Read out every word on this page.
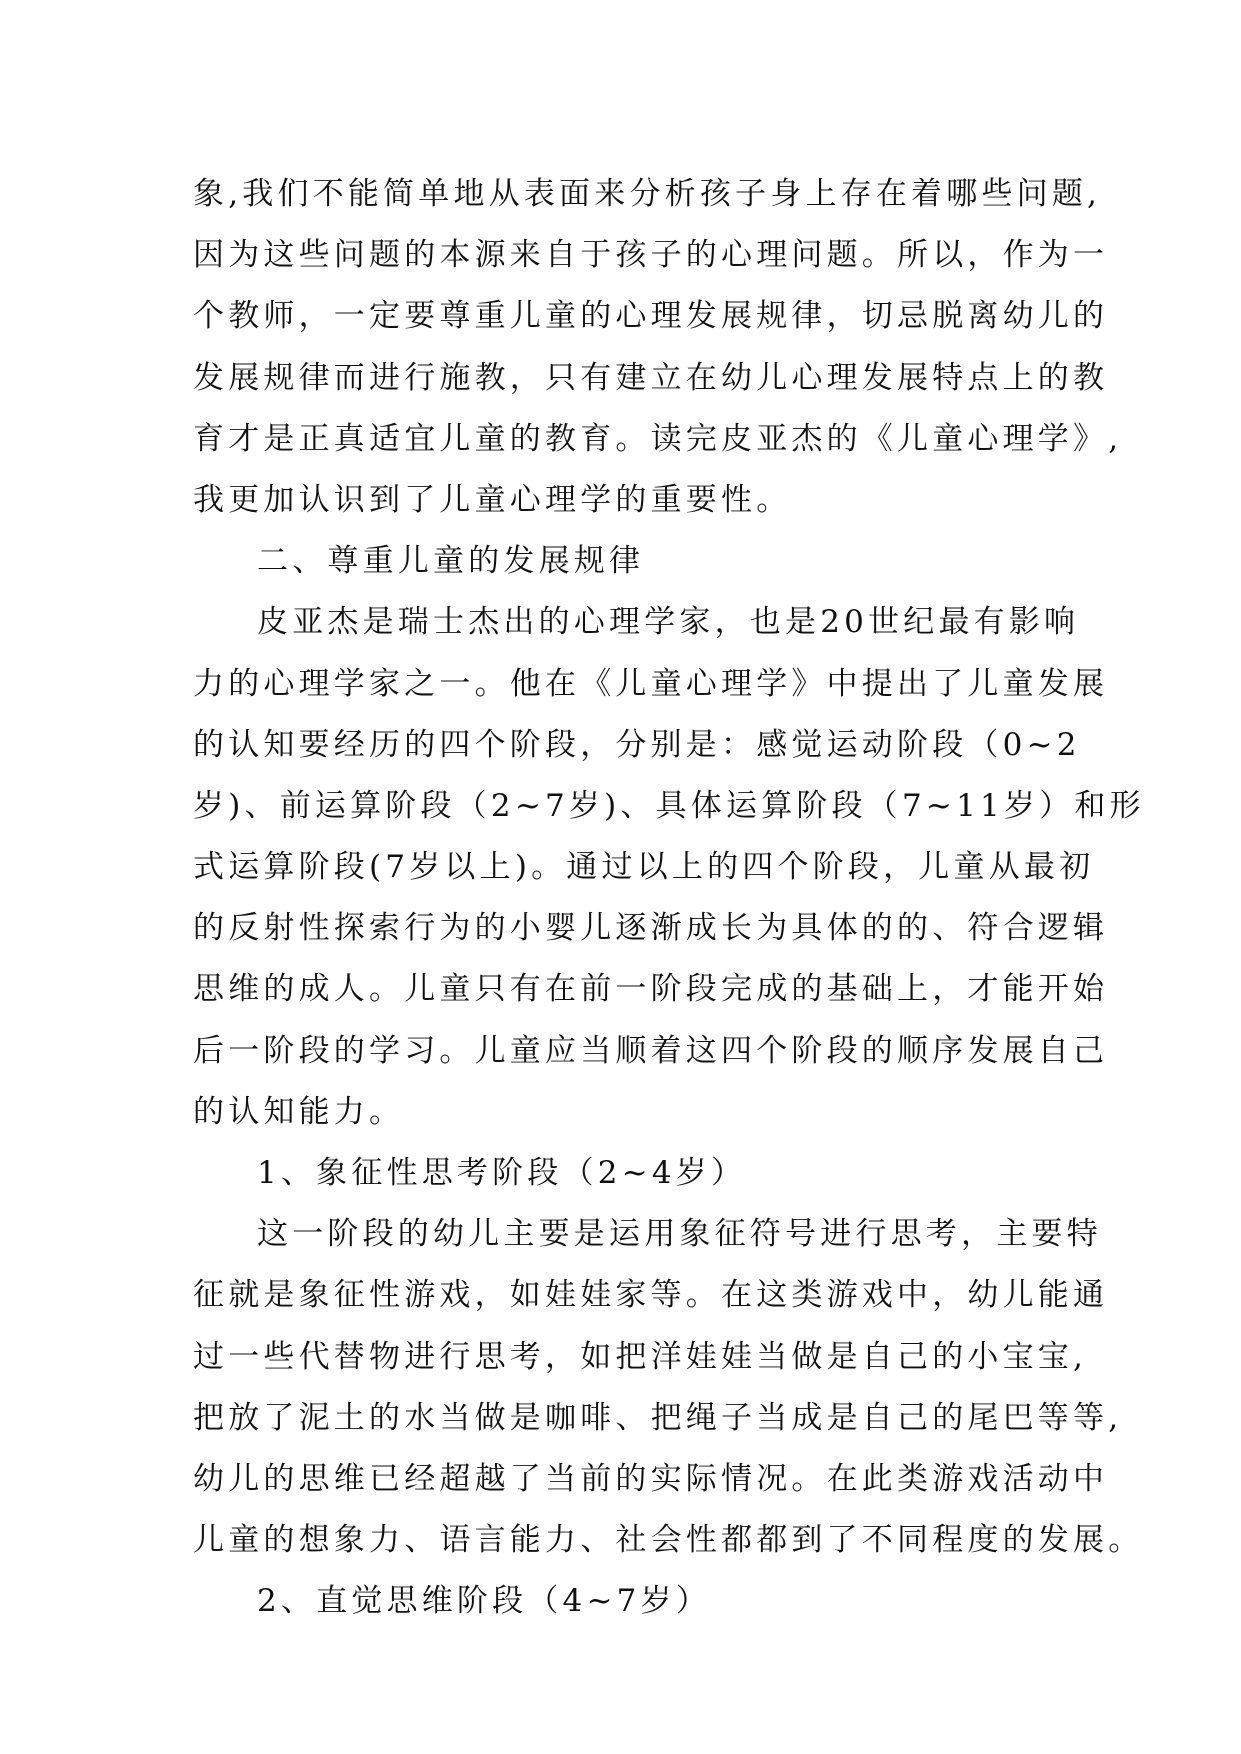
象,我们不能简单地从表面来分析孩子身上存在着哪些问题,
因为这些问题的本源来自于孩子的心理问题。所以，作为一
个教师，一定要尊重儿童的心理发展规律，切忌脱离幼儿的
发展规律而进行施教，只有建立在幼儿心理发展特点上的教
育才是正真适宜儿童的教育。读完皮亚杰的《儿童心理学》,
我更加认识到了儿童心理学的重要性。
二、尊重儿童的发展规律
皮亚杰是瑞士杰出的心理学家，也是20世纪最有影响
力的心理学家之一。他在《儿童心理学》中提出了儿童发展
的认知要经历的四个阶段，分别是：感觉运动阶段（0~2
岁)、前运算阶段（2~7岁)、具体运算阶段（7~11岁）和形
式运算阶段(7岁以上)。通过以上的四个阶段，儿童从最初
的反射性探索行为的小婴儿逐渐成长为具体的的、符合逻辑
思维的成人。儿童只有在前一阶段完成的基础上，才能开始
后一阶段的学习。儿童应当顺着这四个阶段的顺序发展自己
的认知能力。
1、象征性思考阶段（2~4岁）
这一阶段的幼儿主要是运用象征符号进行思考，主要特
征就是象征性游戏，如娃娃家等。在这类游戏中，幼儿能通
过一些代替物进行思考，如把洋娃娃当做是自己的小宝宝,
把放了泥土的水当做是咖啡、把绳子当成是自己的尾巴等等,
幼儿的思维已经超越了当前的实际情况。在此类游戏活动中
儿童的想象力、语言能力、社会性都都到了不同程度的发展。
2、直觉思维阶段（4~7岁）
